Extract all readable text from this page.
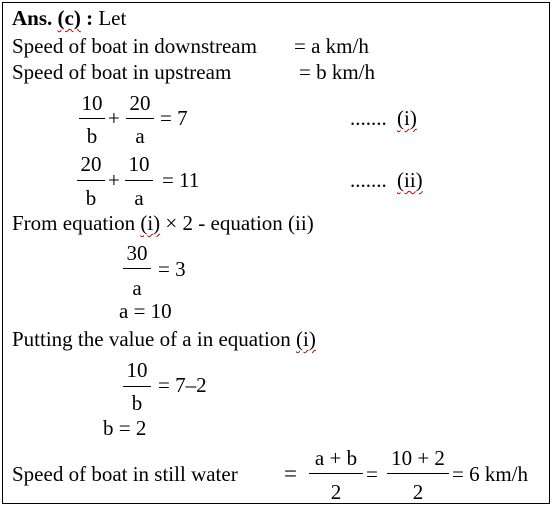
Ans. (c) : Let
Speed of boat in downstream = a km/h
Speed of boat in upstream	= b km/h
10
b
+
20
a
= 7	....... (i)
20
b
+
10
a
= 11	....... (ii)
From equation (i) × 2 - equation (ii)
30
a
= 3
a = 10
Putting the value of a in equation (i)
10
b
= 7–2
b = 2
Speed of boat in still water =
a + b
2
=
10 + 2
2
= 6 km/h
